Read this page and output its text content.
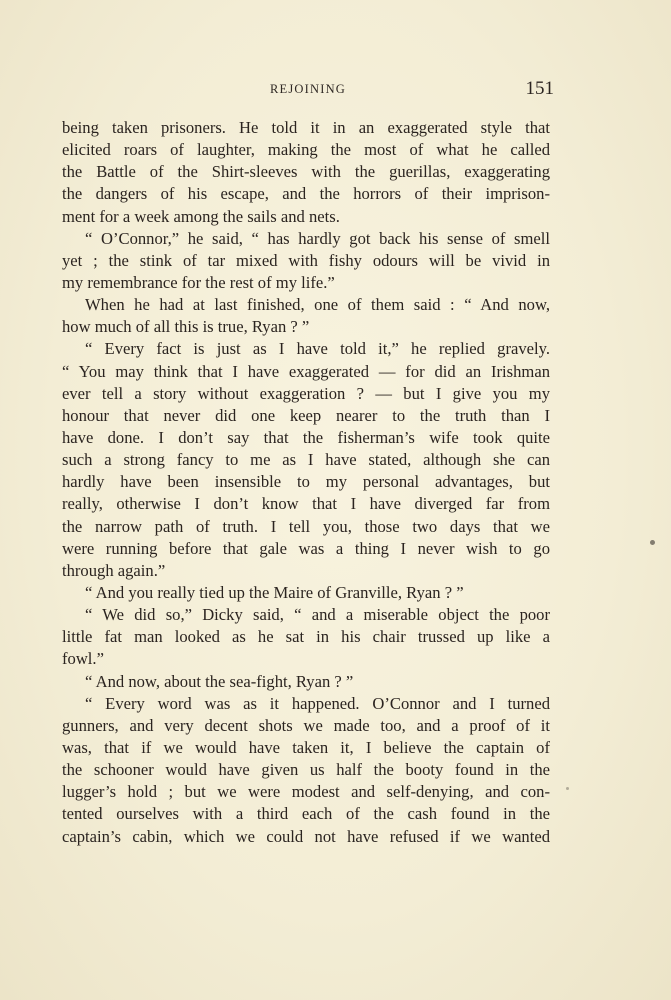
REJOINING	151
being taken prisoners. He told it in an exaggerated style that
elicited roars of laughter, making the most of what he called
the Battle of the Shirt-sleeves with the guerillas, exaggerating
the dangers of his escape, and the horrors of their imprison-
ment for a week among the sails and nets.
“ O’Connor,” he said, “ has hardly got back his sense of smell
yet ; the stink of tar mixed with fishy odours will be vivid in
my remembrance for the rest of my life.”
When he had at last finished, one of them said : “ And now,
how much of all this is true, Ryan ? ”
“ Every fact is just as I have told it,” he replied gravely.
“ You may think that I have exaggerated — for did an Irishman
ever tell a story without exaggeration ? — but I give you my
honour that never did one keep nearer to the truth than I
have done. I don’t say that the fisherman’s wife took quite
such a strong fancy to me as I have stated, although she can
hardly have been insensible to my personal advantages, but
really, otherwise I don’t know that I have diverged far from
the narrow path of truth. I tell you, those two days that we
were running before that gale was a thing I never wish to go
through again.”
“ And you really tied up the Maire of Granville, Ryan ? ”
“ We did so,” Dicky said, “ and a miserable object the poor
little fat man looked as he sat in his chair trussed up like a
fowl.”
“ And now, about the sea-fight, Ryan ? ”
“ Every word was as it happened. O’Connor and I turned
gunners, and very decent shots we made too, and a proof of it
was, that if we would have taken it, I believe the captain of
the schooner would have given us half the booty found in the
lugger’s hold ; but we were modest and self-denying, and con-
tented ourselves with a third each of the cash found in the
captain’s cabin, which we could not have refused if we wanted
